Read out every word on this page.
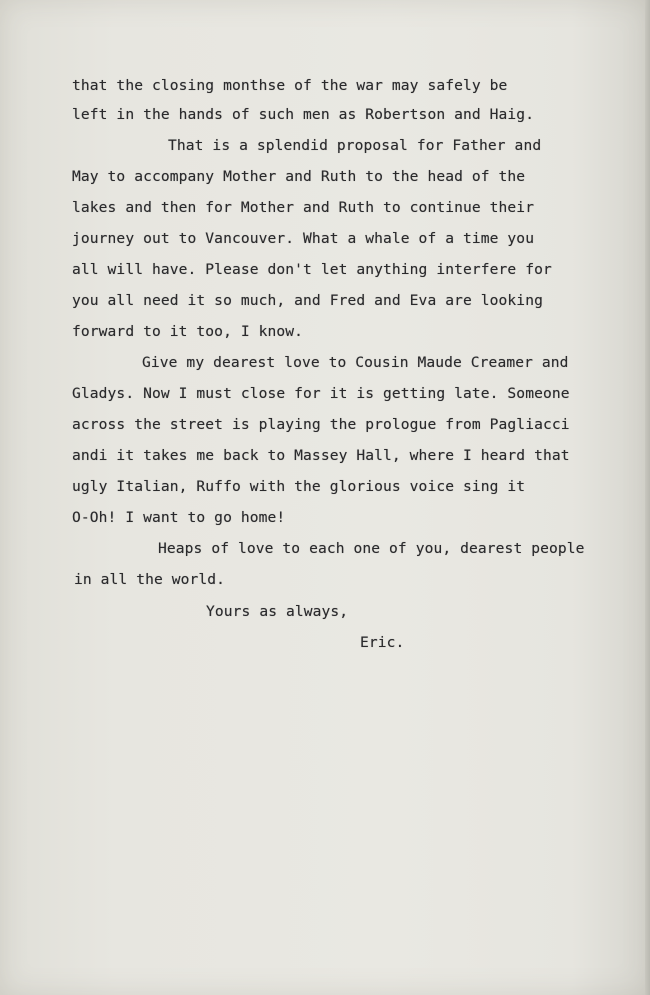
that the closing monthse of the war may safely be
left in the hands of such men as Robertson and Haig.
That is a splendid proposal for Father and
May to accompany Mother and Ruth to the head of the
lakes and then for Mother and Ruth to continue their
journey out to Vancouver. What a whale of a time you
all will have. Please don't let anything interfere for
you all need it so much, and Fred and Eva are looking
forward to it too, I know.
Give my dearest love to Cousin Maude Creamer and
Gladys. Now I must close for it is getting late. Someone
across the street is playing the prologue from Pagliacci
andi it takes me back to Massey Hall, where I heard that
ugly Italian, Ruffo with the glorious voice sing it
O-Oh! I want to go home!
Heaps of love to each one of you, dearest people
in all the world.
Yours as always,
Eric.
